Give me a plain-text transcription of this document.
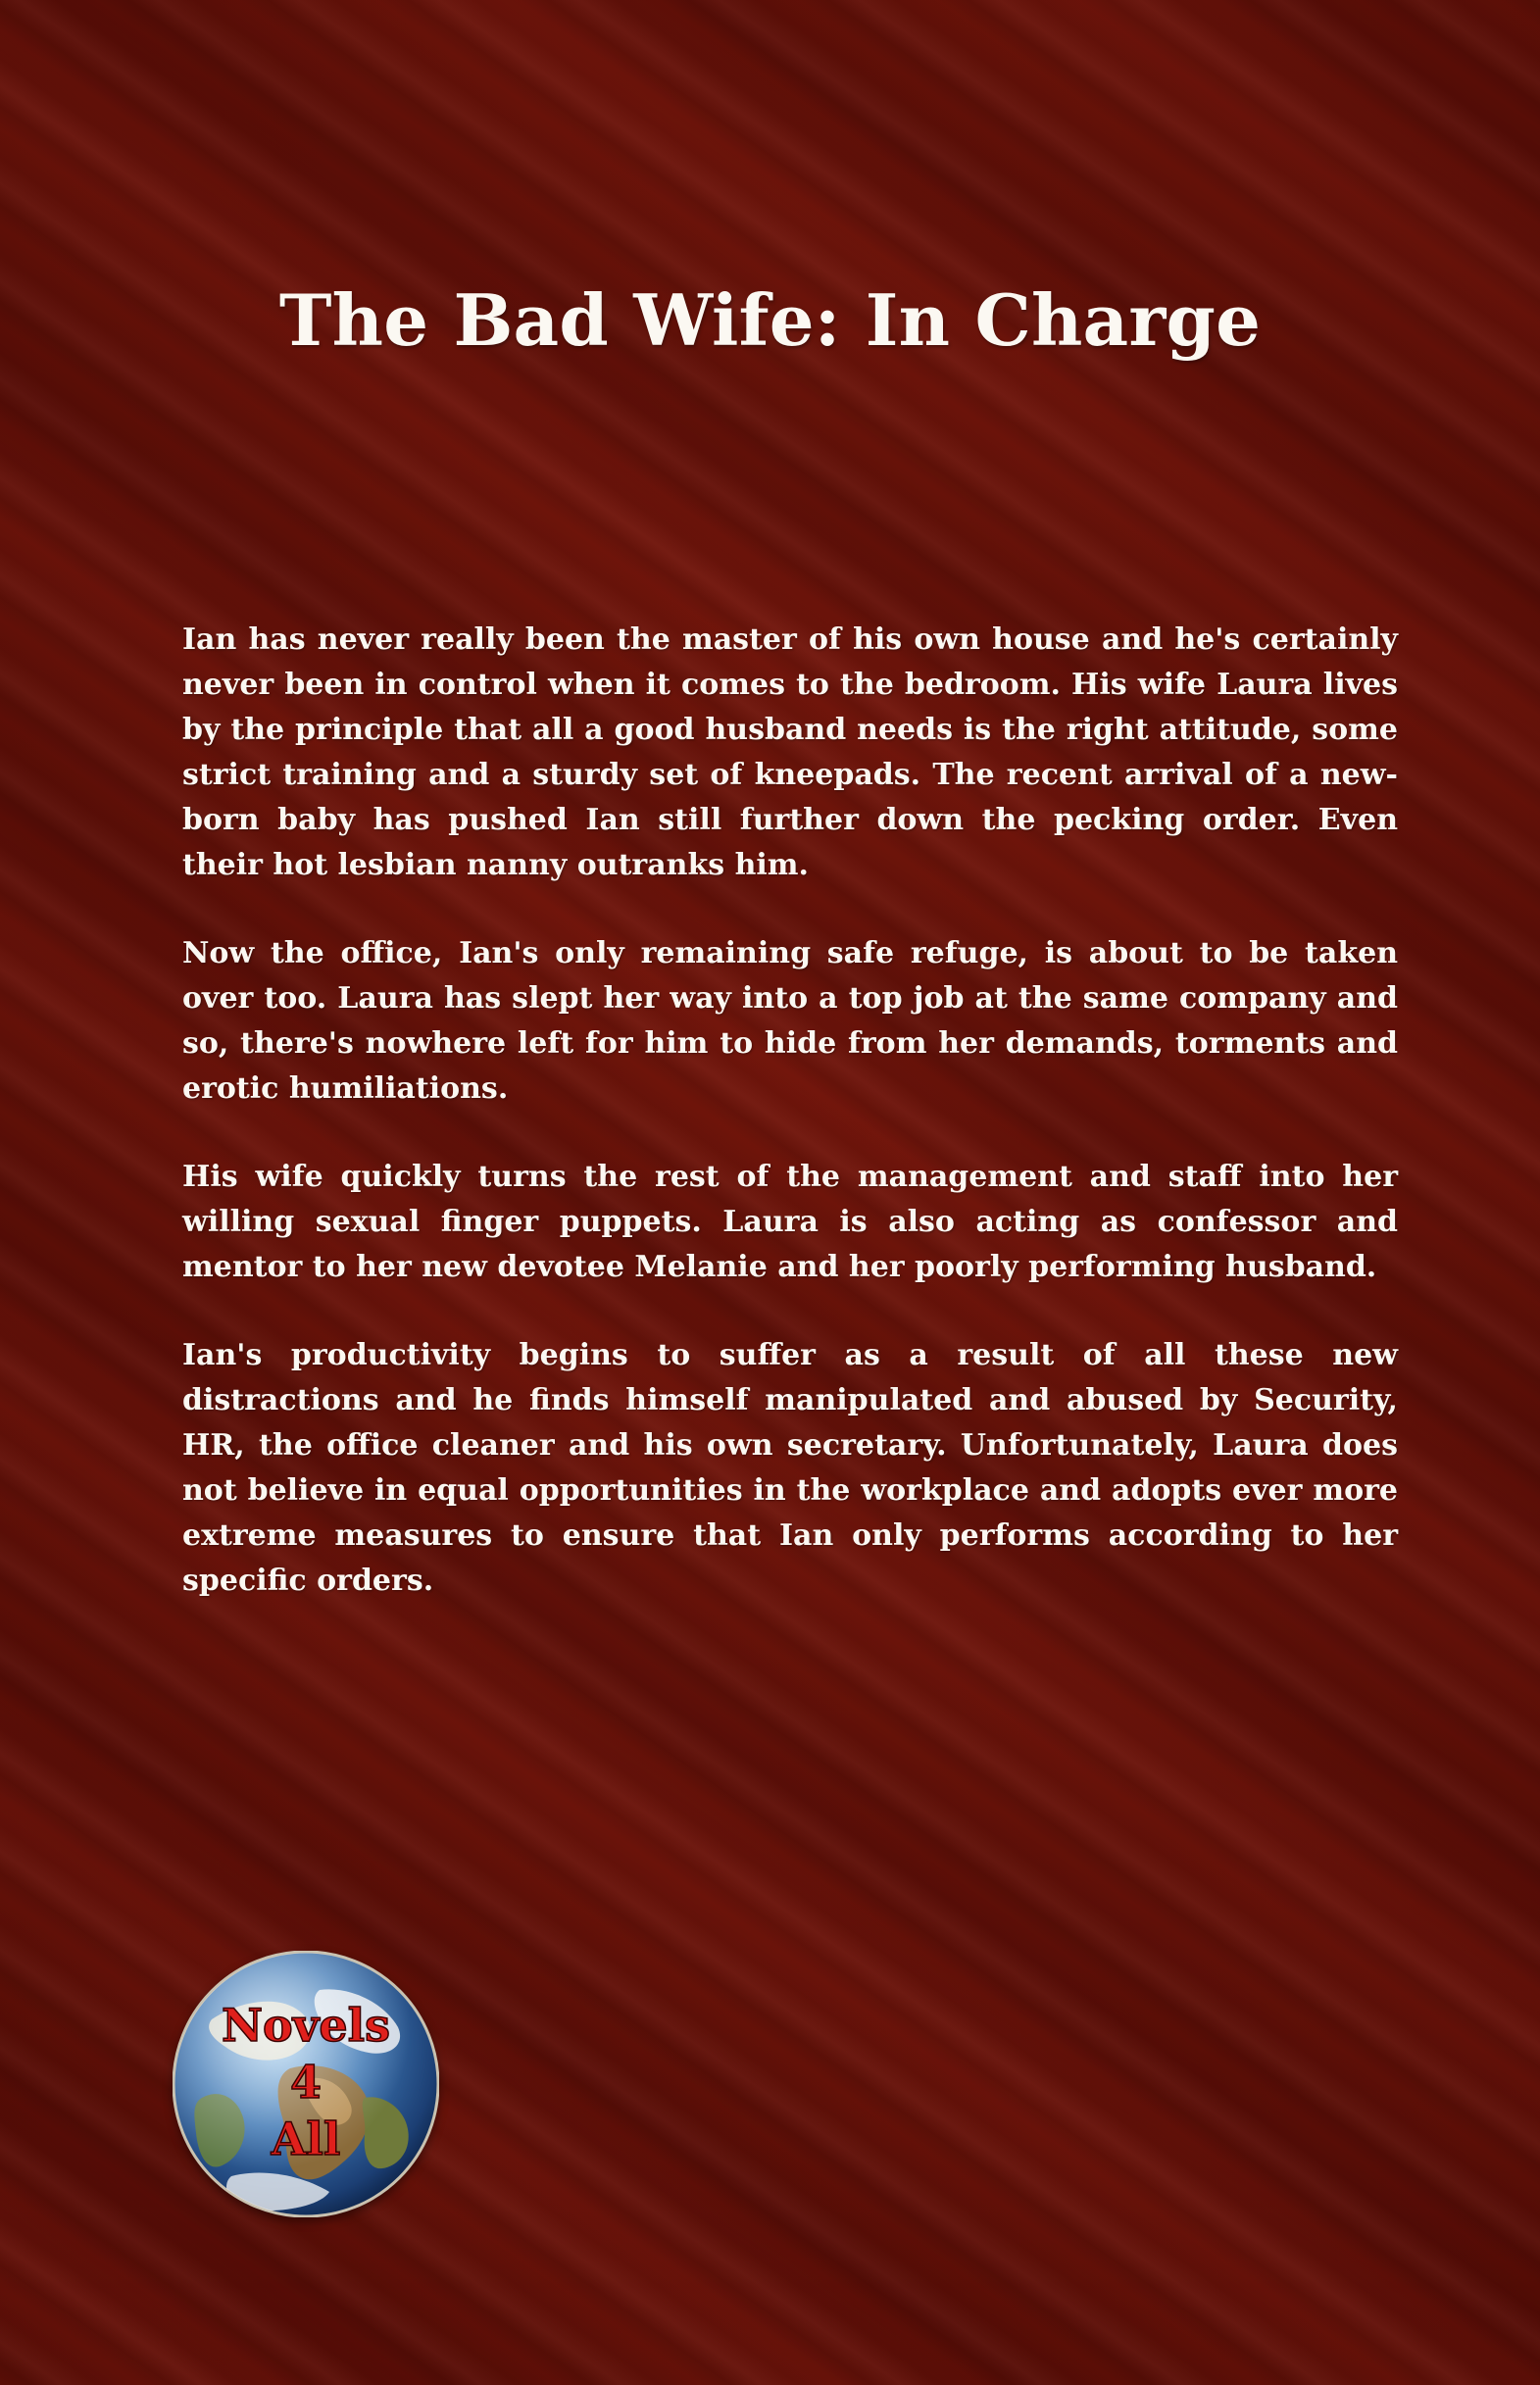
The Bad Wife: In Charge

Ian has never really been the master of his own house and he's certainly never been in control when it comes to the bedroom. His wife Laura lives by the principle that all a good husband needs is the right attitude, some strict training and a sturdy set of kneepads. The recent arrival of a new-born baby has pushed Ian still further down the pecking order. Even their hot lesbian nanny outranks him.

Now the office, Ian's only remaining safe refuge, is about to be taken over too. Laura has slept her way into a top job at the same company and so, there's nowhere left for him to hide from her demands, torments and erotic humiliations.

His wife quickly turns the rest of the management and staff into her willing sexual finger puppets. Laura is also acting as confessor and mentor to her new devotee Melanie and her poorly performing husband.

Ian's productivity begins to suffer as a result of all these new distractions and he finds himself manipulated and abused by Security, HR, the office cleaner and his own secretary. Unfortunately, Laura does not believe in equal opportunities in the workplace and adopts ever more extreme measures to ensure that Ian only performs according to her specific orders.

Novels
4
All
